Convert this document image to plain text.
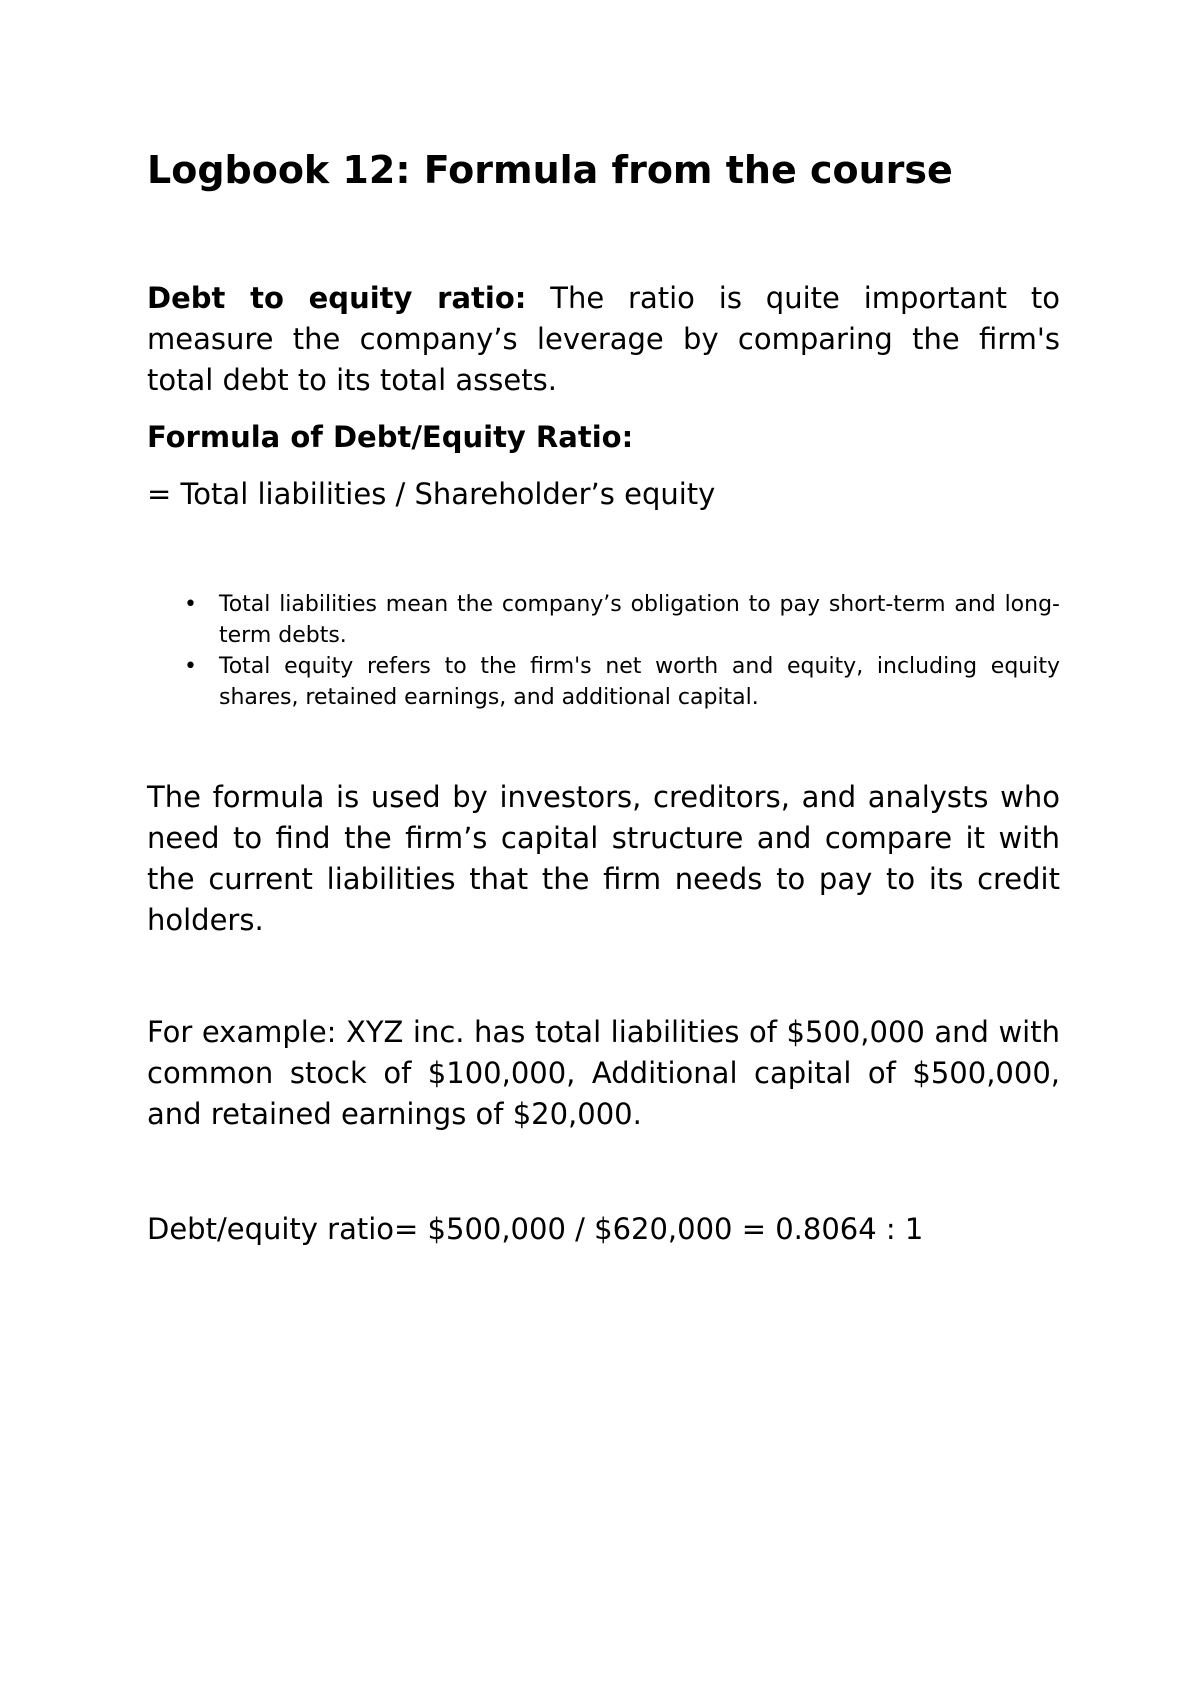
Logbook 12: Formula from the course

Debt to equity ratio: The ratio is quite important to measure the company’s leverage by comparing the firm's total debt to its total assets.

Formula of Debt/Equity Ratio:

= Total liabilities / Shareholder’s equity

• Total liabilities mean the company’s obligation to pay short-term and long-term debts.
• Total equity refers to the firm's net worth and equity, including equity shares, retained earnings, and additional capital.

The formula is used by investors, creditors, and analysts who need to find the firm’s capital structure and compare it with the current liabilities that the firm needs to pay to its credit holders.

For example: XYZ inc. has total liabilities of $500,000 and with common stock of $100,000, Additional capital of $500,000, and retained earnings of $20,000.

Debt/equity ratio= $500,000 / $620,000 = 0.8064 : 1
